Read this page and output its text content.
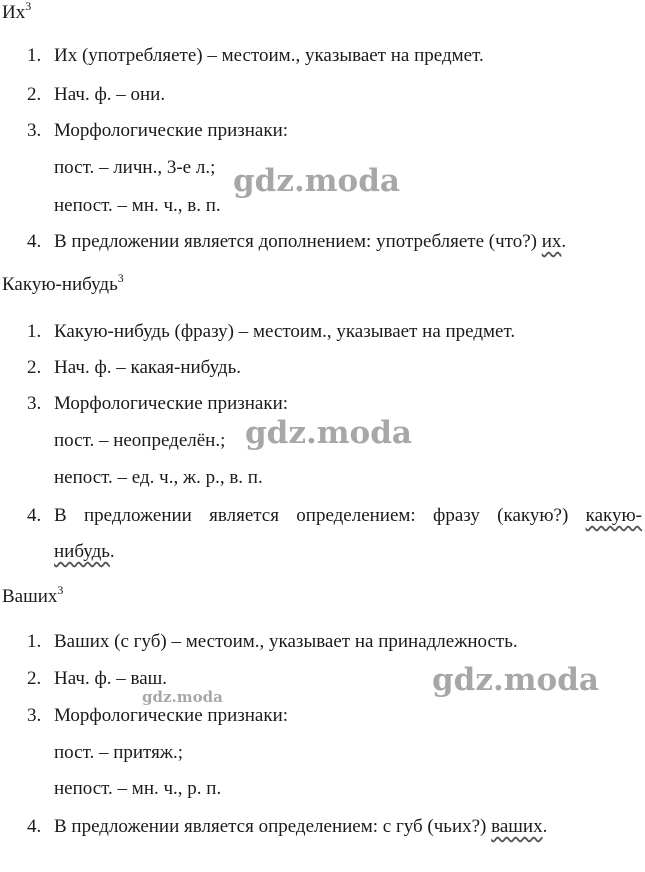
$Их^3$
1. Их (употребляете) – местоим., указывает на предмет.
2. Нач. ф. – они.
3. Морфологические признаки:
пост. – личн., 3-е л.;
непост. – мн. ч., в. п.
4. В предложении является дополнением: употребляете (что?) их.
Какую-нибудь$^3$
1. Какую-нибудь (фразу) – местоим., указывает на предмет.
2. Нач. ф. – какая-нибудь.
3. Морфологические признаки:
пост. – неопределён.;
непост. – ед. ч., ж. р., в. п.
4. В предложении является определением: фразу (какую?) какую-
нибудь.
Ваших$^3$
1. Ваших (с губ) – местоим., указывает на принадлежность.
2. Нач. ф. – ваш.
3. Морфологические признаки:
пост. – притяж.;
непост. – мн. ч., р. п.
4. В предложении является определением: с губ (чьих?) ваших.
gdz.moda
gdz.moda
gdz.moda
gdz.moda
